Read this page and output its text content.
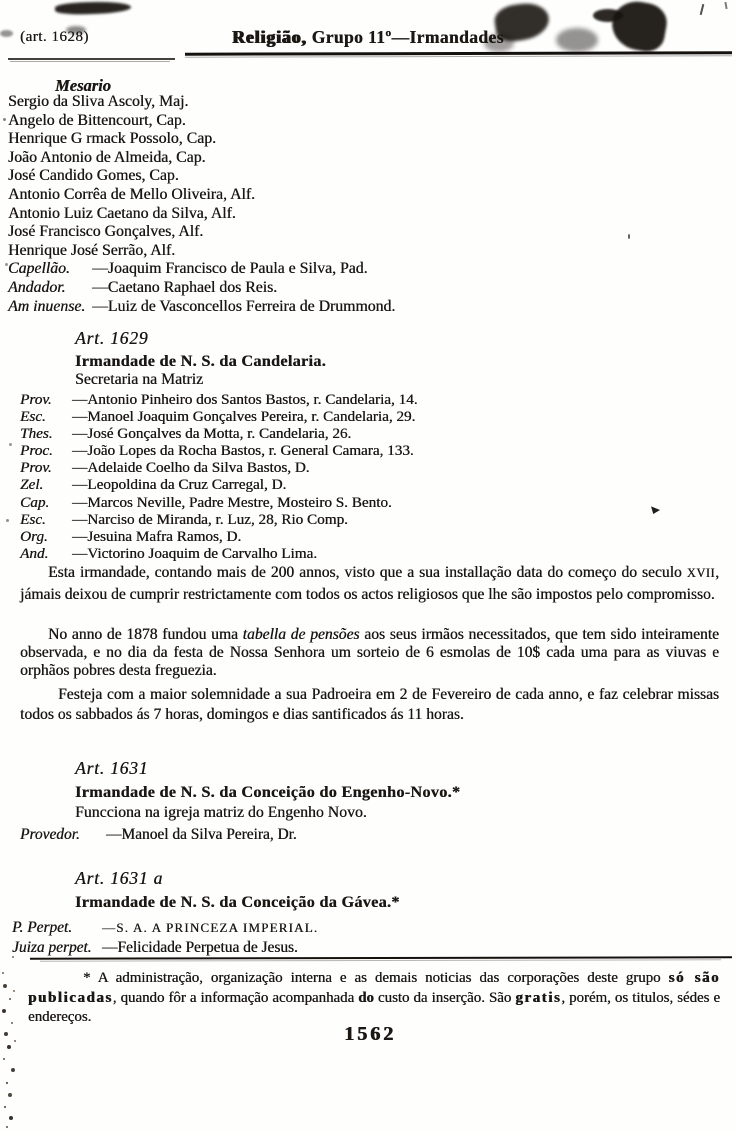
(art. 1628)	Religião, Grupo 11º—Irmandades
Mesario
Sergio da Sliva Ascoly, Maj.
Angelo de Bittencourt, Cap.
Henrique G rmack Possolo, Cap.
João Antonio de Almeida, Cap.
José Candido Gomes, Cap.
Antonio Corrêa de Mello Oliveira, Alf.
Antonio Luiz Caetano da Silva, Alf.
José Francisco Gonçalves, Alf.
Henrique José Serrão, Alf.
Capellão.	—Joaquim Francisco de Paula e Silva, Pad.
Andador.	—Caetano Raphael dos Reis.
Am inuense. —Luiz de Vasconcellos Ferreira de Drummond.
Art. 1629
Irmandade de N. S. da Candelaria.
Secretaria na Matriz
Prov.	—Antonio Pinheiro dos Santos Bastos, r. Candelaria, 14.
Esc.	—Manoel Joaquim Gonçalves Pereira, r. Candelaria, 29.
Thes.	—José Gonçalves da Motta, r. Candelaria, 26.
Proc.	—João Lopes da Rocha Bastos, r. General Camara, 133.
Prov.	—Adelaide Coelho da Silva Bastos, D.
Zel.	—Leopoldina da Cruz Carregal, D.
Cap.	—Marcos Neville, Padre Mestre, Mosteiro S. Bento.
Esc.	—Narciso de Miranda, r. Luz, 28, Rio Comp.
Org.	—Jesuina Mafra Ramos, D.
And.	—Victorino Joaquim de Carvalho Lima.
Esta irmandade, contando mais de 200 annos, visto que a sua installação data do começo do seculo XVII, jámais deixou de cumprir restrictamente com todos os actos religiosos que lhe são impostos pelo compromisso.
No anno de 1878 fundou uma tabella de pensões aos seus irmãos necessitados, que tem sido inteiramente observada, e no dia da festa de Nossa Senhora um sorteio de 6 esmolas de 10$ cada uma para as viuvas e orphãos pobres desta freguezia.
Festeja com a maior solemnidade a sua Padroeira em 2 de Fevereiro de cada anno, e faz celebrar missas todos os sabbados ás 7 horas, domingos e dias santificados ás 11 horas.
Art. 1631
Irmandade de N. S. da Conceição do Engenho-Novo.*
Funcciona na igreja matriz do Engenho Novo.
Provedor.	—Manoel da Silva Pereira, Dr.
Art. 1631 a
Irmandade de N. S. da Conceição da Gávea.*
P. Perpet.	—S. A. A PRINCEZA IMPERIAL.
Juiza perpet. —Felicidade Perpetua de Jesus.
* A administração, organização interna e as demais noticias das corporações deste grupo só são publicadas, quando fôr a informação acompanhada do custo da inserção. São gratis, porém, os titulos, sédes e endereços.
1562
